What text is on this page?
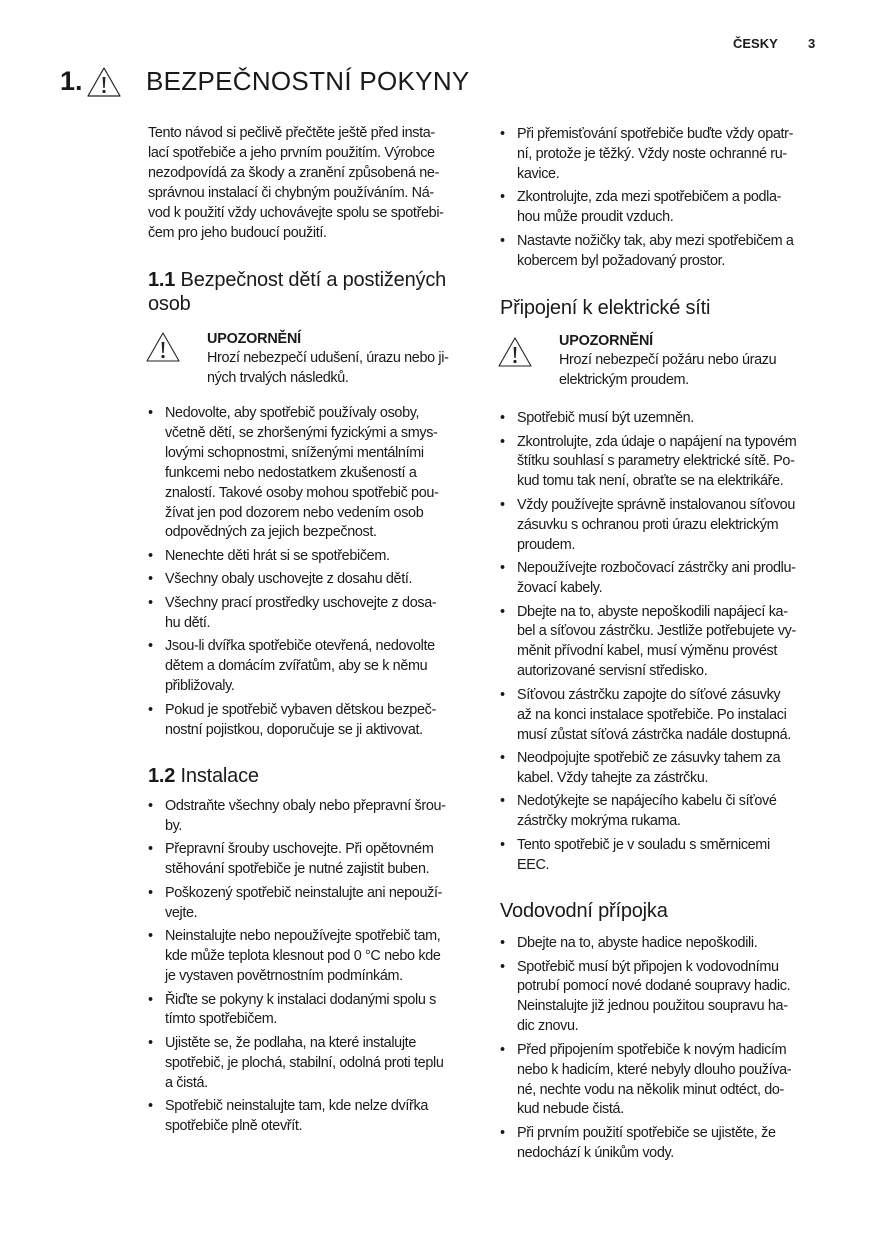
ČESKY 3
1. BEZPEČNOSTNÍ POKYNY
Tento návod si pečlivě přečtěte ještě před insta-
lací spotřebiče a jeho prvním použitím. Výrobce
nezodpovídá za škody a zranění způsobená ne-
správnou instalací či chybným používáním. Ná-
vod k použití vždy uchovávejte spolu se spotřebi-
čem pro jeho budoucí použití.
1.1 Bezpečnost dětí a postižených
osob
UPOZORNĚNÍ
Hrozí nebezpečí udušení, úrazu nebo ji-
ných trvalých následků.
• Nedovolte, aby spotřebič používaly osoby,
včetně dětí, se zhoršenými fyzickými a smys-
lovými schopnostmi, sníženými mentálními
funkcemi nebo nedostatkem zkušeností a
znalostí. Takové osoby mohou spotřebič pou-
žívat jen pod dozorem nebo vedením osob
odpovědných za jejich bezpečnost.
• Nenechte děti hrát si se spotřebičem.
• Všechny obaly uschovejte z dosahu dětí.
• Všechny prací prostředky uschovejte z dosa-
hu dětí.
• Jsou-li dvířka spotřebiče otevřená, nedovolte
dětem a domácím zvířatům, aby se k němu
přibližovaly.
• Pokud je spotřebič vybaven dětskou bezpeč-
nostní pojistkou, doporučuje se ji aktivovat.
1.2 Instalace
• Odstraňte všechny obaly nebo přepravní šrou-
by.
• Přepravní šrouby uschovejte. Při opětovném
stěhování spotřebiče je nutné zajistit buben.
• Poškozený spotřebič neinstalujte ani nepouží-
vejte.
• Neinstalujte nebo nepoužívejte spotřebič tam,
kde může teplota klesnout pod 0 °C nebo kde
je vystaven povětrnostním podmínkám.
• Řiďte se pokyny k instalaci dodanými spolu s
tímto spotřebičem.
• Ujistěte se, že podlaha, na které instalujte
spotřebič, je plochá, stabilní, odolná proti teplu
a čistá.
• Spotřebič neinstalujte tam, kde nelze dvířka
spotřebiče plně otevřít.
• Při přemisťování spotřebiče buďte vždy opatr-
ní, protože je těžký. Vždy noste ochranné ru-
kavice.
• Zkontrolujte, zda mezi spotřebičem a podla-
hou může proudit vzduch.
• Nastavte nožičky tak, aby mezi spotřebičem a
kobercem byl požadovaný prostor.
Připojení k elektrické síti
UPOZORNĚNÍ
Hrozí nebezpečí požáru nebo úrazu
elektrickým proudem.
• Spotřebič musí být uzemněn.
• Zkontrolujte, zda údaje o napájení na typovém
štítku souhlasí s parametry elektrické sítě. Po-
kud tomu tak není, obraťte se na elektrikáře.
• Vždy používejte správně instalovanou síťovou
zásuvku s ochranou proti úrazu elektrickým
proudem.
• Nepoužívejte rozbočovací zástrčky ani prodlu-
žovací kabely.
• Dbejte na to, abyste nepoškodili napájecí ka-
bel a síťovou zástrčku. Jestliže potřebujete vy-
měnit přívodní kabel, musí výměnu provést
autorizované servisní středisko.
• Síťovou zástrčku zapojte do síťové zásuvky
až na konci instalace spotřebiče. Po instalaci
musí zůstat síťová zástrčka nadále dostupná.
• Neodpojujte spotřebič ze zásuvky tahem za
kabel. Vždy tahejte za zástrčku.
• Nedotýkejte se napájecího kabelu či síťové
zástrčky mokrýma rukama.
• Tento spotřebič je v souladu s směrnicemi
EEC.
Vodovodní přípojka
• Dbejte na to, abyste hadice nepoškodili.
• Spotřebič musí být připojen k vodovodnímu
potrubí pomocí nové dodané soupravy hadic.
Neinstalujte již jednou použitou soupravu ha-
dic znovu.
• Před připojením spotřebiče k novým hadicím
nebo k hadicím, které nebyly dlouho používa-
né, nechte vodu na několik minut odtéct, do-
kud nebude čistá.
• Při prvním použití spotřebiče se ujistěte, že
nedochází k únikům vody.
